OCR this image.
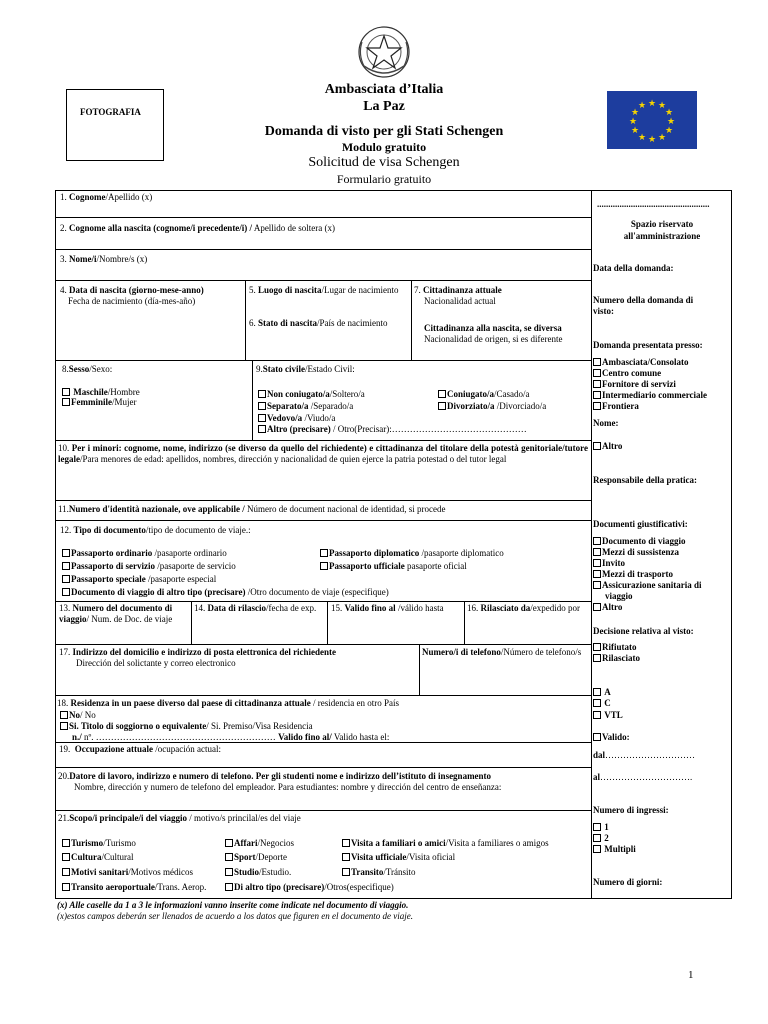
FOTOGRAFIA
Ambasciata d’Italia
La Paz
Domanda di visto per gli Stati Schengen
Modulo gratuito
Solicitud de visa Schengen
Formulario gratuito
★ ★
★
★
★
★
★
★
★
★
★
★
1. Cognome/Apellido (x)
2. Cognome alla nascita (cognome/i precedente/i) / Apellido de soltera (x)
3. Nome/i/Nombre/s (x)
4. Data di nascita (giorno-mese-anno)
Fecha de nacimiento (día-mes-año)
5. Luogo di nascita/Lugar de nacimiento
6. Stato di nascita/País de nacimiento
7. Cittadinanza attuale
Nacionalidad actual
Cittadinanza alla nascita, se diversa
Nacionalidad de origen, si es diferente
8.Sesso/Sexo:
Maschile/Hombre
Femminile/Mujer
9.Stato civile/Estado Civil:
Non coniugato/a/Soltero/a
Separato/a /Separado/a
Vedovo/a /Viudo/a
Altro (precisare) / Otro(Precisar):………………………………………
Coniugato/a/Casado/a
Divorziato/a /Divorciado/a
10. Per i minori: cognome, nome, indirizzo (se diverso da quello del richiedente) e cittadinanza del titolare della potestà genitoriale/tutore legale/Para menores de edad: apellidos, nombres, dirección y nacionalidad de quien ejerce la patria potestad o del tutor legal
11.Numero d'identità nazionale, ove applicabile / Número de document nacional de identidad, si procede
12. Tipo di documento/tipo de documento de viaje.:
Passaporto ordinario /pasaporte ordinario
Passaporto di servizio /pasaporte de servicio
Passaporto speciale /pasaporte especial
Documento di viaggio di altro tipo (precisare) /Otro documento de viaje (especifique)
Passaporto diplomatico /pasaporte diplomatico
Passaporto ufficiale pasaporte oficial
13. Numero del documento di viaggio/ Num. de Doc. de viaje
14. Data di rilascio/fecha de exp.	15. Valido fino al /válido hasta	16. Rilasciato da/expedido por
17. Indirizzo del domicilio e indirizzo di posta elettronica del richiedente
Dirección del solictante y correo electronico
Numero/i di telefono/Número de telefono/s
18. Residenza in un paese diverso dal paese di cittadinanza attuale / residencia en otro País
No/ No
Si. Titolo di soggiorno o equivalente/ Si. Premiso/Visa Residencia
n./ nº. …………………………………………………… Valido fino al/ Valido hasta el:
19. Occupazione attuale /ocupación actual:
20.Datore di lavoro, indirizzo e numero di telefono. Per gli studenti nome e indirizzo dell’istituto di insegnamento
Nombre, dirección y numero de telefono del empleador. Para estudiantes: nombre y dirección del centro de enseñanza:
21.Scopo/i principale/i del viaggio / motivo/s princilal/es del viaje
Turismo/Turismo
Cultura/Cultural
Motivi sanitari/Motivos médicos
Transito aeroportuale/Trans. Aerop.
Affari/Negocios
Sport/Deporte
Studio/Estudio.
Di altro tipo (precisare)/Otros(especifique)
Visita a familiari o amici/Visita a familiares o amigos
Visita ufficiale/Visita oficial
Transito/Tránsito
(x) Alle caselle da 1 a 3 le informazioni vanno inserite come indicate nel documento di viaggio.
(x)estos campos deberán ser llenados de acuerdo a los datos que figuren en el documento de viaje.
..................................................
Spazio riservato
all'amministrazione
Data della domanda:
Numero della domanda di
visto:
Domanda presentata presso:
Ambasciata/Consolato
Centro comune
Fornitore di servizi
Intermediario commerciale
Frontiera
Nome:
Altro
Responsabile della pratica:
Documenti giustificativi:
Documento di viaggio
Mezzi di sussistenza
Invito
Mezzi di trasporto
Assicurazione sanitaria di
viaggio
Altro
Decisione relativa al visto:
Rifiutato
Rilasciato
A
C
VTL
Valido:
dal…………………………
al………………………….
Numero di ingressi:
1
2
Multipli
Numero di giorni:
1
